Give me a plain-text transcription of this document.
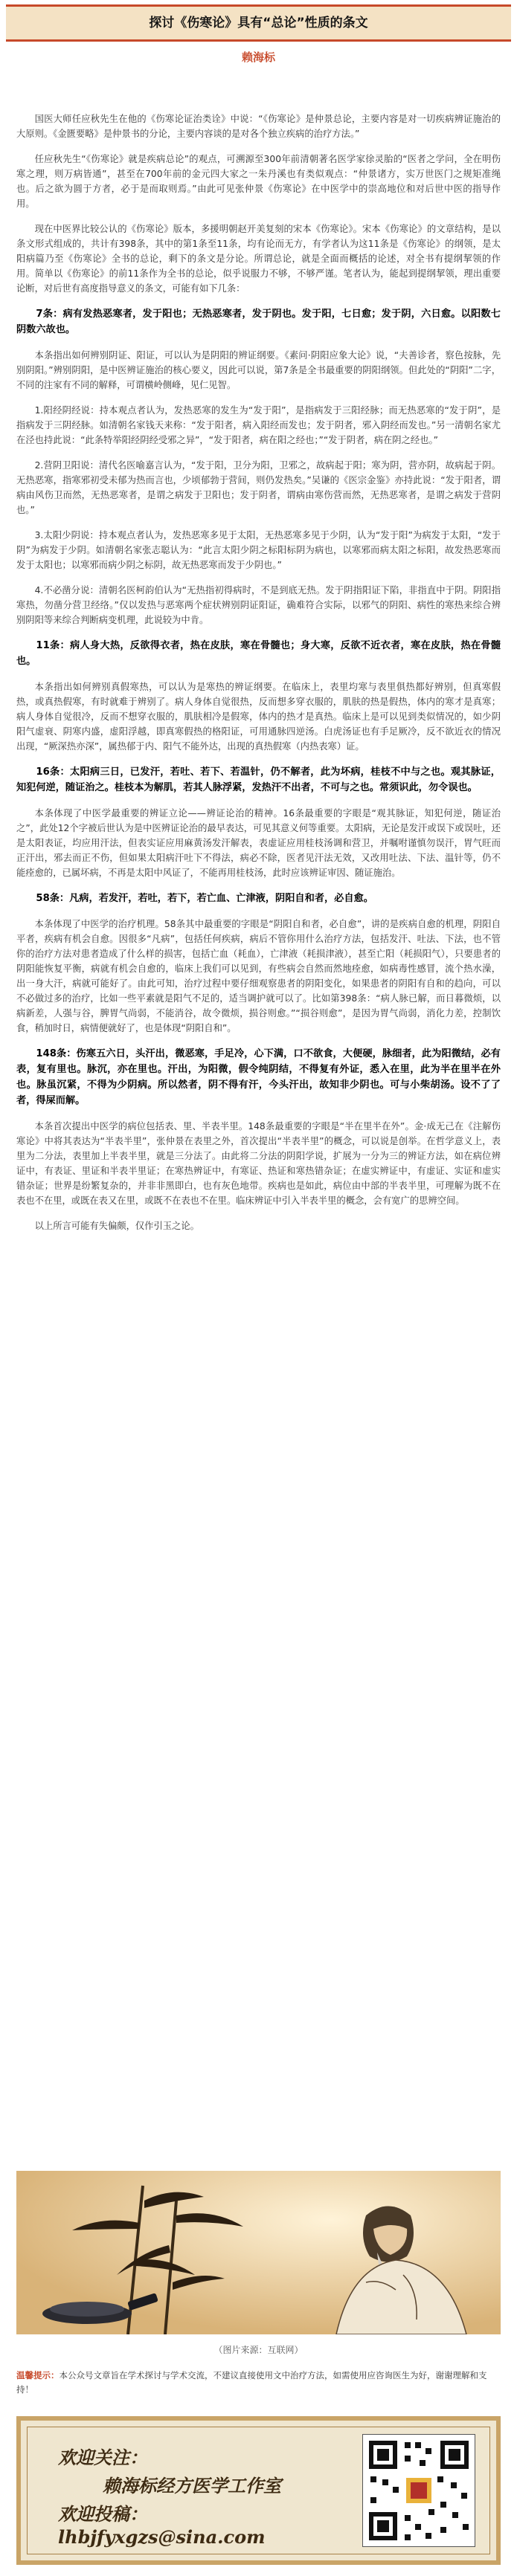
探讨《伤寒论》具有“总论”性质的条文
赖海标

国医大师任应秋先生在他的《伤寒论证治类诠》中说：“《伤寒论》是仲景总论，主要内容是对一切疾病辨证施治的大原则。《金匮要略》是仲景书的分论，主要内容谈的是对各个独立疾病的治疗方法。”

任应秋先生“《伤寒论》就是疾病总论”的观点，可溯源至300年前清朝著名医学家徐灵胎的“医者之学问，全在明伤寒之理，则万病皆通”，甚至在700年前的金元四大家之一朱丹溪也有类似观点：“仲景诸方，实万世医门之规矩准绳也。后之欲为圆于方者，必于是而取则焉。”由此可见张仲景《伤寒论》在中医学中的崇高地位和对后世中医的指导作用。

现在中医界比较公认的《伤寒论》版本，多援明朝赵开美复刻的宋本《伤寒论》。宋本《伤寒论》的文章结构，是以条文形式组成的，共计有398条，其中的第1条至11条，均有论而无方，有学者认为这11条是《伤寒论》的纲领，是太阳病篇乃至《伤寒论》全书的总论，剩下的条文是分论。所谓总论，就是全面而概括的论述，对全书有提纲挈领的作用。简单以《伤寒论》的前11条作为全书的总论，似乎说服力不够，不够严谨。笔者认为，能起到提纲挈领，理出重要论断，对后世有高度指导意义的条文，可能有如下几条：

7条：病有发热恶寒者，发于阳也；无热恶寒者，发于阴也。发于阳，七日愈；发于阴，六日愈。以阳数七阴数六故也。

本条指出如何辨别阴证、阳证，可以认为是阴阳的辨证纲要。《素问·阴阳应象大论》说，“夫善诊者，察色按脉，先别阴阳。”辨别阴阳，是中医辨证施治的核心要义，因此可以说，第7条是全书最重要的阴阳纲领。但此处的“阴阳”二字，不同的注家有不同的解释，可谓横岭侧峰，见仁见智。

1.阳经阴经说：持本观点者认为，发热恶寒的发生为“发于阳”，是指病发于三阳经脉；而无热恶寒的“发于阴”，是指病发于三阴经脉。如清朝名家钱天来称：“发于阳者，病入阳经而发也；发于阴者，邪入阴经而发也。”另一清朝名家尤在泾也持此说：“此条特举阳经阴经受邪之异”，“发于阳者，病在阳之经也；”“发于阴者，病在阴之经也。”

2.营阴卫阳说：清代名医喻嘉言认为，“发于阳，卫分为阳，卫邪之，故病起于阳；寒为阴，营亦阴，故病起于阴。无热恶寒，指寒邪初受未郁为热而言也，少顷郁勃于营间，则仍发热矣。”吴谦的《医宗金鉴》亦持此说：“发于阳者，谓病由风伤卫而然，无热恶寒者，是谓之病发于卫阳也；发于阴者，谓病由寒伤营而然，无热恶寒者，是谓之病发于营阴也。”

3.太阳少阴说：持本观点者认为，发热恶寒多见于太阳，无热恶寒多见于少阴，认为“发于阳”为病发于太阳，“发于阴”为病发于少阴。如清朝名家张志聪认为：“此言太阳少阴之标阳标阴为病也，以寒邪而病太阳之标阳，故发热恶寒而发于太阳也；以寒邪而病少阴之标阴，故无热恶寒而发于少阴也。”

4.不必凿分说：清朝名医柯韵伯认为“无热指初得病时，不是到底无热。发于阴指阳证下陷，非指直中于阴。阴阳指寒热，勿凿分营卫经络。”仅以发热与恶寒两个症状辨别阴证阳证，确难符合实际，以邪气的阴阳、病性的寒热来综合辨别阴阳等来综合判断病变机理，此说较为中肯。

11条：病人身大热，反欲得衣者，热在皮肤，寒在骨髓也；身大寒，反欲不近衣者，寒在皮肤，热在骨髓也。

本条指出如何辨别真假寒热，可以认为是寒热的辨证纲要。在临床上，表里均寒与表里俱热都好辨别，但真寒假热，或真热假寒，有时就难于辨别了。病人身体自觉很热，反而想多穿衣服的，肌肤的热是假热，体内的寒才是真寒；病人身体自觉很冷，反而不想穿衣服的，肌肤相冷是假寒，体内的热才是真热。临床上是可以见到类似情况的，如少阴阳气虚衰、阴寒内盛，虚阳浮越，即真寒假热的格阳证，可用通脉四逆汤。白虎汤证也有手足厥冷，反不欲近衣的情况出现，“厥深热亦深”，属热郁于内、阳气不能外达，出现的真热假寒（内热表寒）证。

16条：太阳病三日，已发汗，若吐、若下、若温针，仍不解者，此为坏病，桂枝不中与之也。观其脉证，知犯何逆，随证治之。桂枝本为解肌，若其人脉浮紧，发热汗不出者，不可与之也。常须识此，勿令误也。

本条体现了中医学最重要的辨证立论——辨证论治的精神。16条最重要的字眼是“观其脉证，知犯何逆，随证治之”，此处12个字被后世认为是中医辨证论治的最早表达，可见其意义何等重要。太阳病，无论是发汗或误下或误吐，还是太阳表证，均应用汗法，但表实证应用麻黄汤发汗解表，表虚证应用桂枝汤调和营卫，并嘱咐谨慎勿误汗，胃气旺而正汗出，邪去而正不伤，但如果太阳病汗吐下不得法，病必不除，医者见汗法无效，又改用吐法、下法、温针等，仍不能痊愈的，已属坏病，不再是太阳中风证了，不能再用桂枝汤，此时应该辨证审因、随证施治。

58条：凡病，若发汗，若吐，若下，若亡血、亡津液，阴阳自和者，必自愈。

本条体现了中医学的治疗机理。58条其中最重要的字眼是“阴阳自和者，必自愈”，讲的是疾病自愈的机理，阴阳自平者，疾病有机会自愈。因很多“凡病”，包括任何疾病，病后不管你用什么治疗方法，包括发汗、吐法、下法，也不管你的治疗方法对患者造成了什么样的损害，包括亡血（耗血），亡津液（耗损津液），甚至亡阳（耗损阳气），只要患者的阴阳能恢复平衡，病就有机会自愈的，临床上我们可以见到，有些病会自然而然地痊愈，如病毒性感冒，流个热水澡，出一身大汗，病就可能好了。由此可知，治疗过程中要仔细观察患者的阴阳变化，如果患者的阴阳有自和的趋向，可以不必做过多的治疗，比如一些平素就是阳气不足的，适当调护就可以了。比如第398条：“病人脉已解，而日暮微烦，以病新差，人强与谷，脾胃气尚弱，不能消谷，故令微烦，损谷则愈。”“损谷则愈”，是因为胃气尚弱，消化力差，控制饮食，稍加时日，病情便就好了，也是体现“阴阳自和”。

148条：伤寒五六日，头汗出，微恶寒，手足冷，心下满，口不欲食，大便硬，脉细者，此为阳微结，必有表，复有里也。脉沉，亦在里也。汗出，为阳微，假令纯阴结，不得复有外证，悉入在里，此为半在里半在外也。脉虽沉紧，不得为少阴病。所以然者，阴不得有汗，今头汗出，故知非少阴也。可与小柴胡汤。设不了了者，得屎而解。

本条首次提出中医学的病位包括表、里、半表半里。148条最重要的字眼是“半在里半在外”。金·成无己在《注解伤寒论》中将其表达为“半表半里”，张仲景在表里之外，首次提出“半表半里”的概念，可以说是创举。在哲学意义上，表里为二分法，表里加上半表半里，就是三分法了。由此将二分法的阴阳学说，扩展为一分为三的辨证方法，如在病位辨证中，有表证、里证和半表半里证；在寒热辨证中，有寒证、热证和寒热错杂证；在虚实辨证中，有虚证、实证和虚实错杂证；世界是纷繁复杂的，并非非黑即白，也有灰色地带。疾病也是如此，病位由中部的半表半里，可理解为既不在表也不在里，或既在表又在里，或既不在表也不在里。临床辨证中引入半表半里的概念，会有宽广的思辨空间。

以上所言可能有失偏颇，仅作引玉之论。

（图片来源：互联网）
温馨提示：本公众号文章旨在学术探讨与学术交流，不建议直接使用文中治疗方法，如需使用应咨询医生为好，谢谢理解和支持！
欢迎关注：
赖海标经方医学工作室
欢迎投稿：
lhbjfyxgzs@sina.com
